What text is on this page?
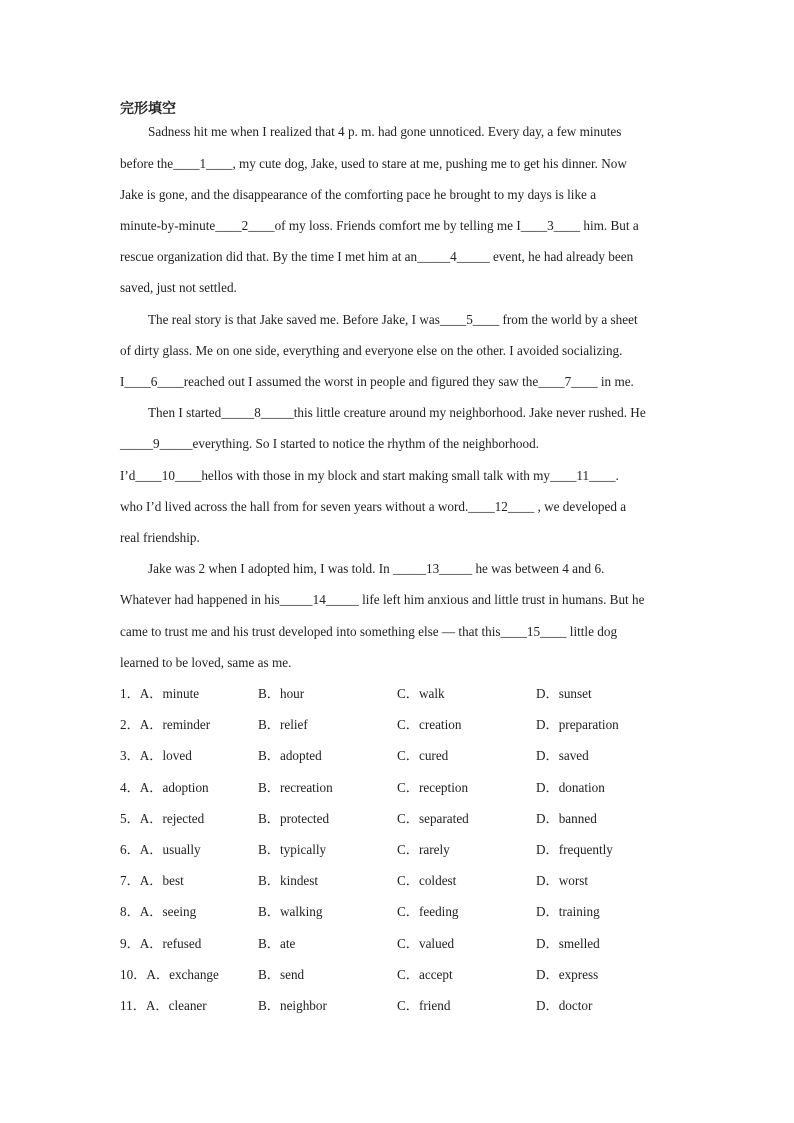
完形填空
Sadness hit me when I realized that 4 p. m. had gone unnoticed. Every day, a few minutes
before the____1____, my cute dog, Jake, used to stare at me, pushing me to get his dinner. Now
Jake is gone, and the disappearance of the comforting pace he brought to my days is like a
minute-by-minute____2____of my loss. Friends comfort me by telling me I____3____ him. But a
rescue organization did that. By the time I met him at an_____4_____ event, he had already been
saved, just not settled.
The real story is that Jake saved me. Before Jake, I was____5____ from the world by a sheet
of dirty glass. Me on one side, everything and everyone else on the other. I avoided socializing.
I____6____reached out I assumed the worst in people and figured they saw the____7____ in me.
Then I started_____8_____this little creature around my neighborhood. Jake never rushed. He
_____9_____everything. So I started to notice the rhythm of the neighborhood.
I’d____10____hellos with those in my block and start making small talk with my____11____.
who I’d lived across the hall from for seven years without a word.____12____ , we developed a
real friendship.
Jake was 2 when I adopted him, I was told. In _____13_____ he was between 4 and 6.
Whatever had happened in his_____14_____ life left him anxious and little trust in humans. But he
came to trust me and his trust developed into something else — that this____15____ little dog
learned to be loved, same as me.
1．A．minute	B．hour	C．walk	D．sunset
2．A．reminder	B．relief	C．creation	D．preparation
3．A．loved	B．adopted	C．cured	D．saved
4．A．adoption	B．recreation	C．reception	D．donation
5．A．rejected	B．protected	C．separated	D．banned
6．A．usually	B．typically	C．rarely	D．frequently
7．A．best	B．kindest	C．coldest	D．worst
8．A．seeing	B．walking	C．feeding	D．training
9．A．refused	B．ate	C．valued	D．smelled
10．A．exchange	B．send	C．accept	D．express
11．A．cleaner	B．neighbor	C．friend	D．doctor
